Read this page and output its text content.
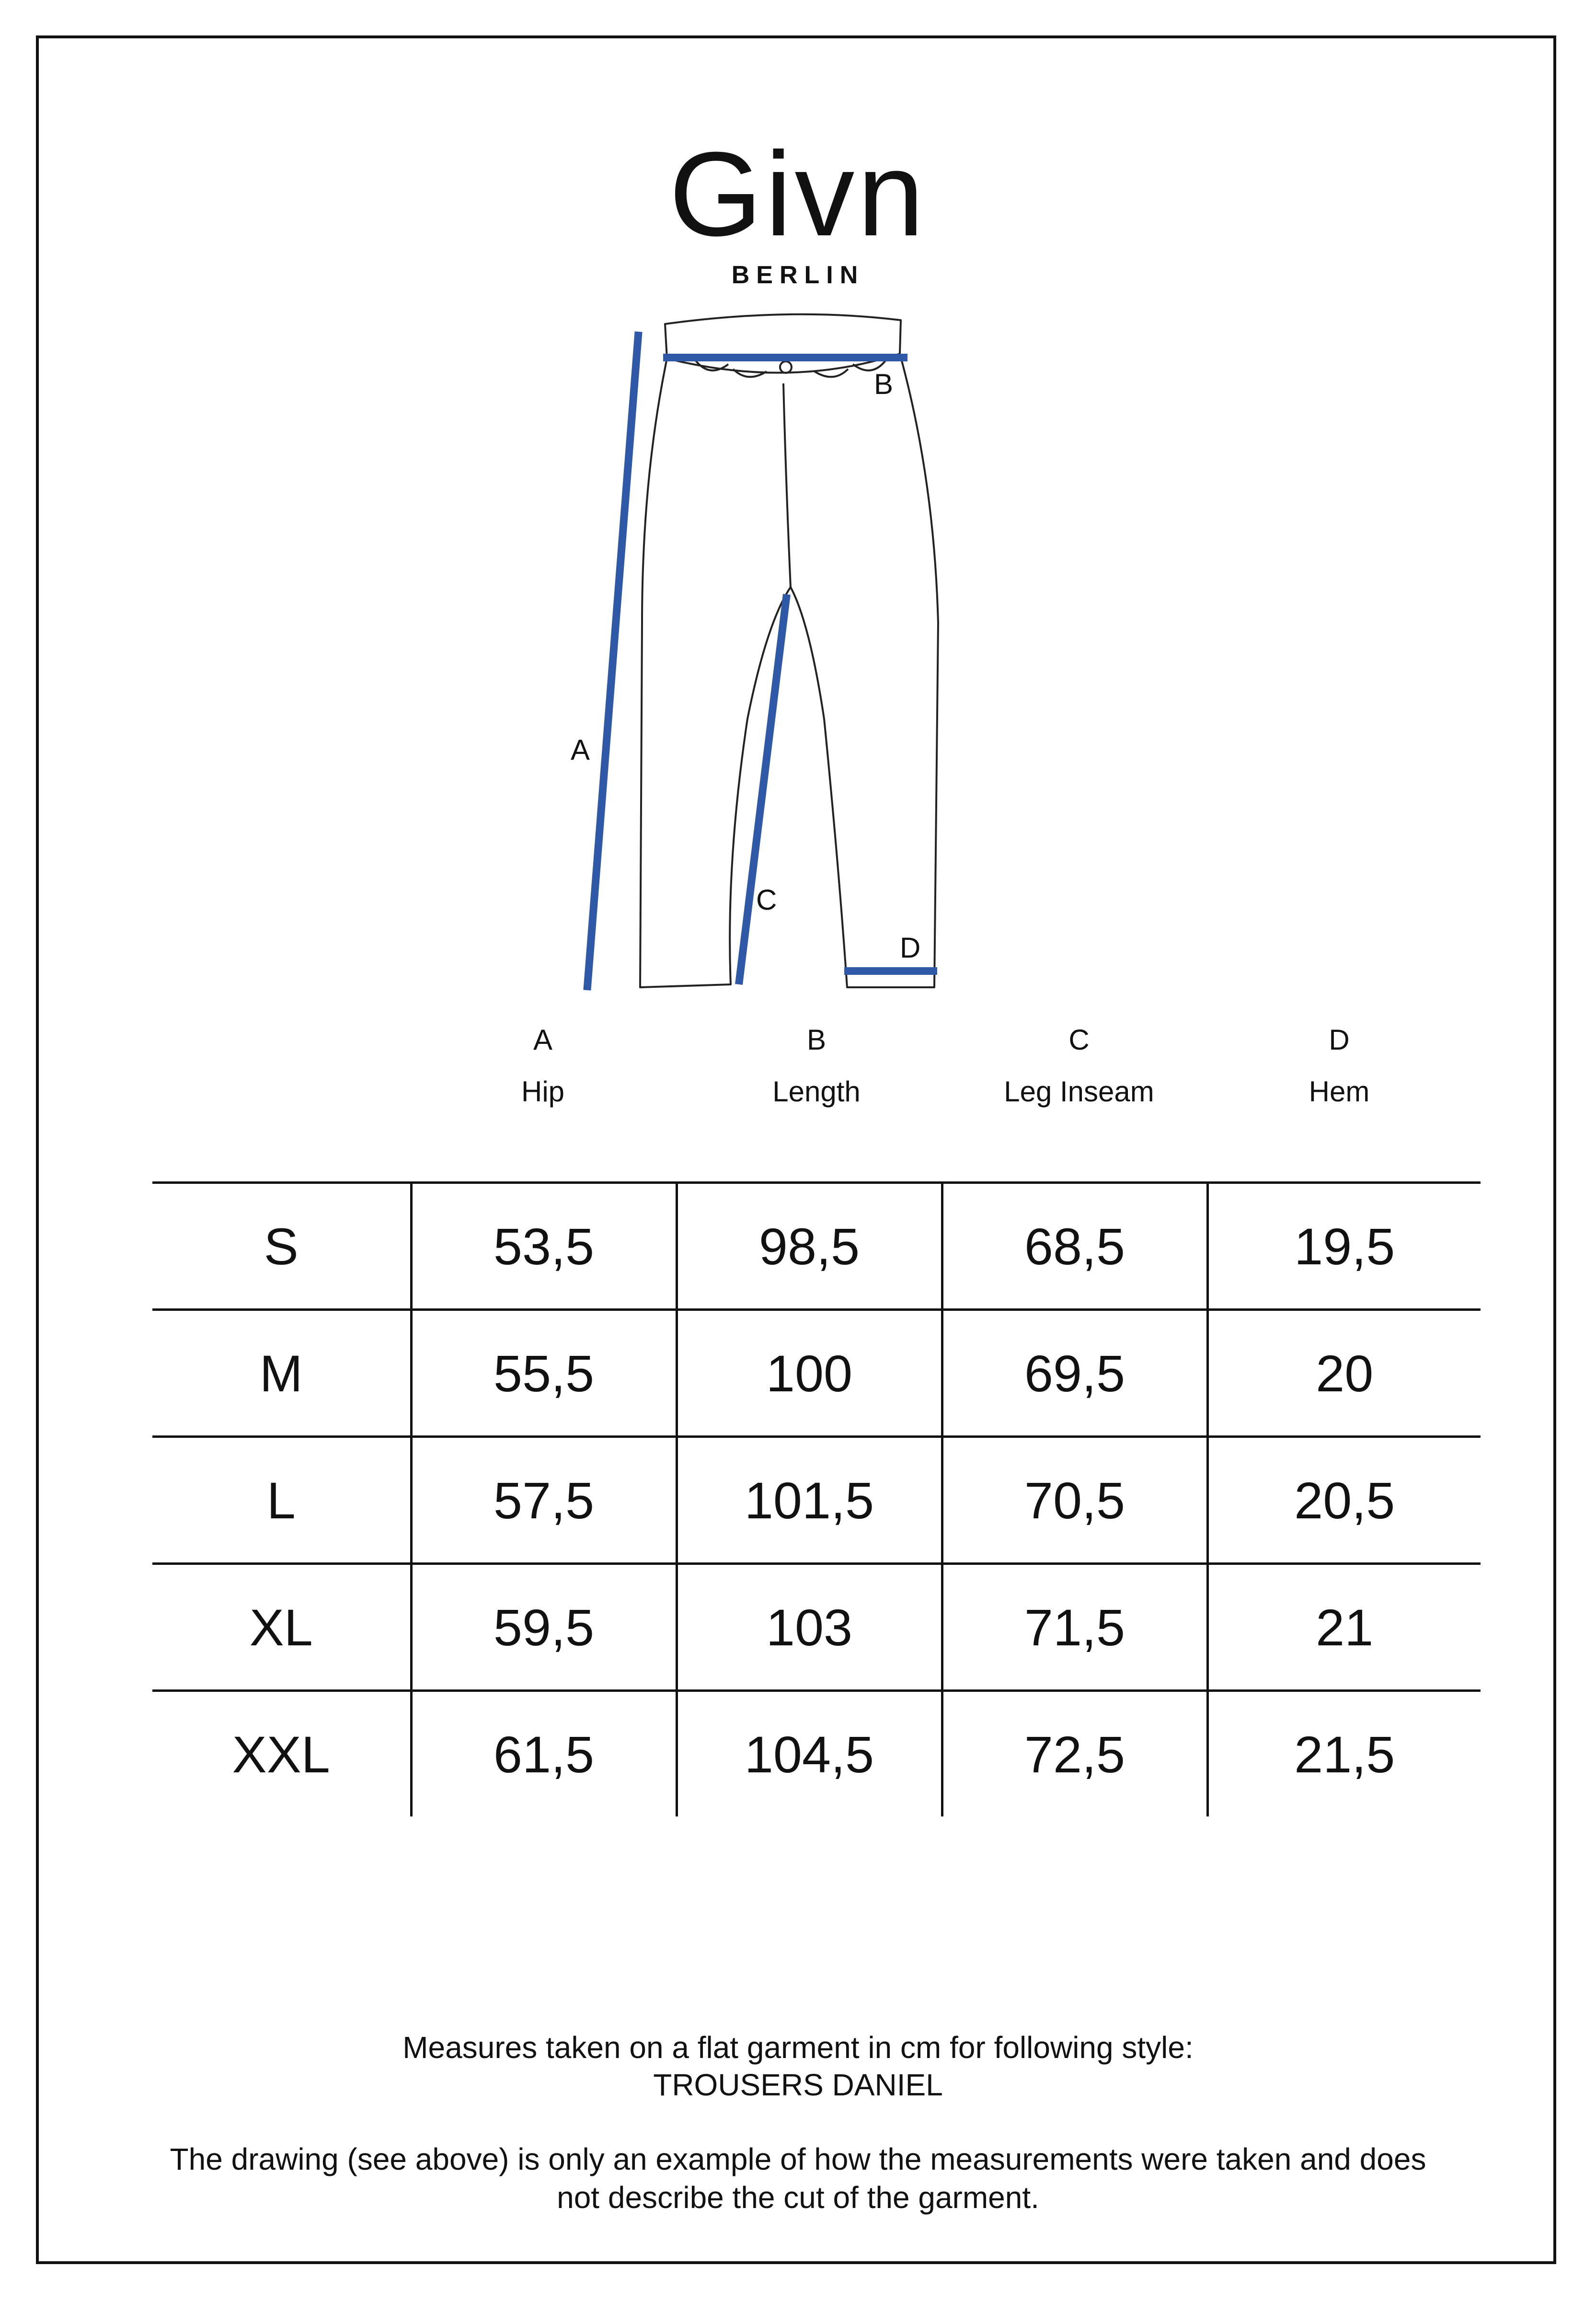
Givn
BERLIN
A
B
C
D
A	B	C	D
Hip	Length	Leg Inseam	Hem
S	53,5	98,5	68,5	19,5
M	55,5	100	69,5	20
L	57,5	101,5	70,5	20,5
XL	59,5	103	71,5	21
XXL	61,5	104,5	72,5	21,5
Measures taken on a flat garment in cm for following style:
TROUSERS DANIEL
The drawing (see above) is only an example of how the measurements were taken and does
not describe the cut of the garment.
